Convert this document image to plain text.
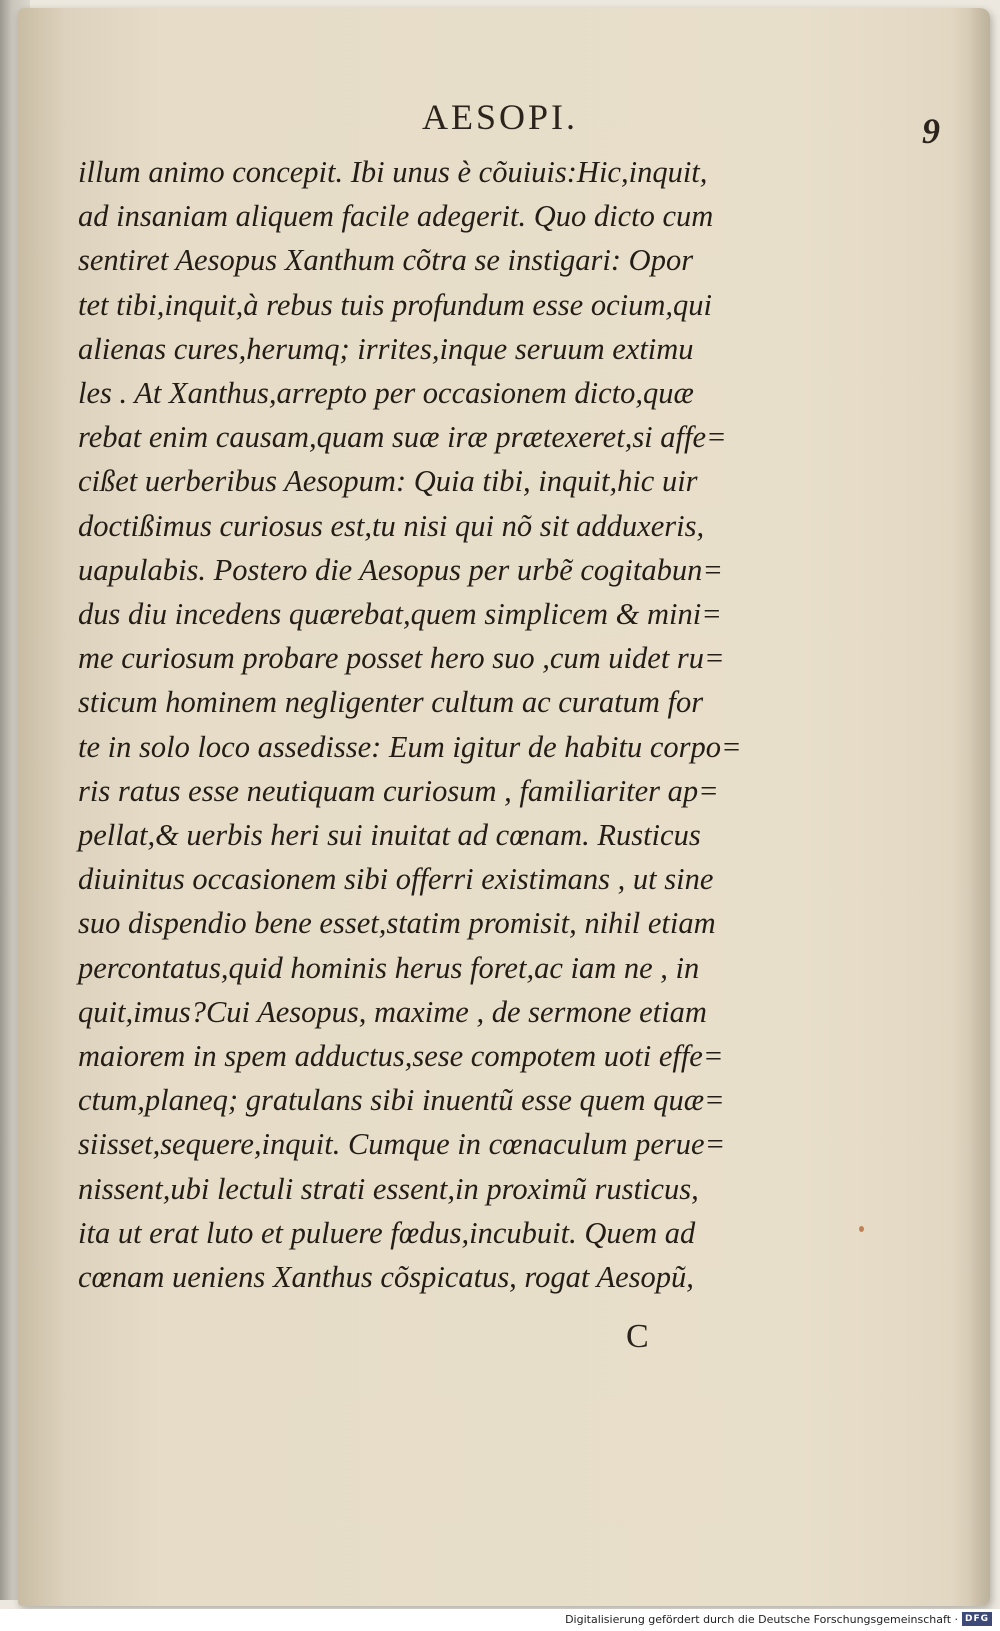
AESOPI.	9
illum animo concepit. Ibi unus è cõuiuis:Hic,inquit,
ad insaniam aliquem facile adegerit. Quo dicto cum
sentiret Aesopus Xanthum cõtra se instigari: Opor
tet tibi,inquit,à rebus tuis profundum esse ocium,qui
alienas cures,herumq; irrites,inque seruum extimu
les . At Xanthus,arrepto per occasionem dicto,quæ
rebat enim causam,quam suæ iræ prætexeret,si affe=
cißet uerberibus Aesopum: Quia tibi, inquit,hic uir
doctißimus curiosus est,tu nisi qui nõ sit adduxeris,
uapulabis. Postero die Aesopus per urbẽ cogitabun=
dus diu incedens quærebat,quem simplicem & mini=
me curiosum probare posset hero suo ,cum uidet ru=
sticum hominem negligenter cultum ac curatum for
te in solo loco assedisse: Eum igitur de habitu corpo=
ris ratus esse neutiquam curiosum , familiariter ap=
pellat,& uerbis heri sui inuitat ad cœnam. Rusticus
diuinitus occasionem sibi offerri existimans , ut sine
suo dispendio bene esset,statim promisit, nihil etiam
percontatus,quid hominis herus foret,ac iam ne , in
quit,imus?Cui Aesopus, maxime , de sermone etiam
maiorem in spem adductus,sese compotem uoti effe=
ctum,planeq; gratulans sibi inuentũ esse quem quæ=
siisset,sequere,inquit. Cumque in cœnaculum perue=
nissent,ubi lectuli strati essent,in proximũ rusticus,
ita ut erat luto et puluere fœdus,incubuit. Quem ad
cœnam ueniens Xanthus cõspicatus, rogat Aesopũ,
C
Digitalisierung gefördert durch die Deutsche Forschungsgemeinschaft · DFG
